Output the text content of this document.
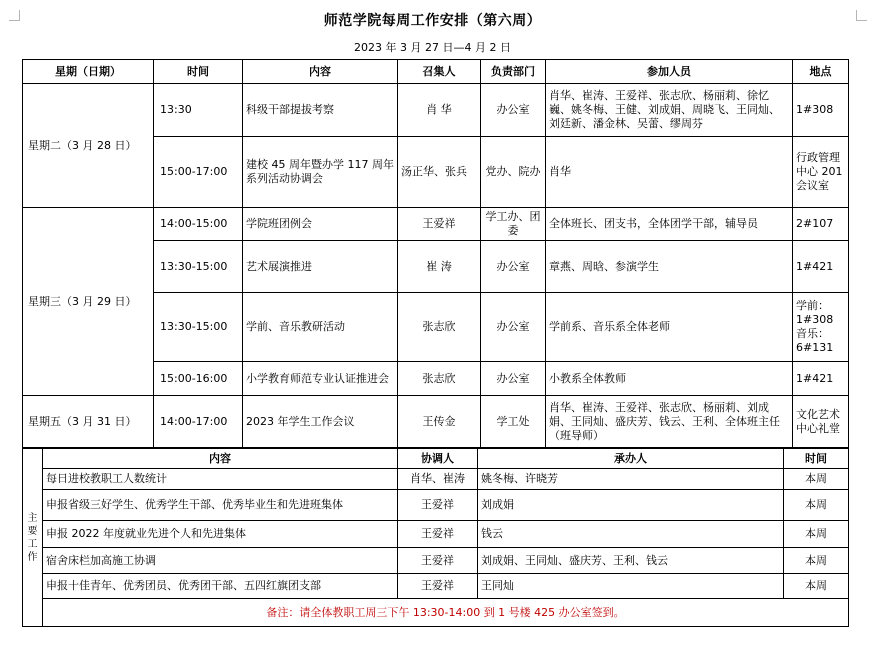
师范学院每周工作安排（第六周）
2023 年 3 月 27 日—4 月 2 日
星期（日期）	时间	内容	召集人	负责部门	参加人员	地点
星期二（3 月 28 日）	13:30	科级干部提拔考察	肖 华	办公室	肖华、崔涛、王爱祥、张志欣、杨丽莉、徐忆巍、姚冬梅、王健、刘成娟、周晓飞、王同灿、刘廷新、潘金林、吴蕾、缪周芬	1#308
	15:00-17:00	建校 45 周年暨办学 117 周年系列活动协调会	汤正华、张兵	党办、院办	肖华	行政管理中心 201 会议室
星期三（3 月 29 日）	14:00-15:00	学院班团例会	王爱祥	学工办、团委	全体班长、团支书，全体团学干部，辅导员	2#107
	13:30-15:00	艺术展演推进	崔 涛	办公室	章燕、周晗、参演学生	1#421
	13:30-15:00	学前、音乐教研活动	张志欣	办公室	学前系、音乐系全体老师	学前：1#308 音乐：6#131
	15:00-16:00	小学教育师范专业认证推进会	张志欣	办公室	小教系全体教师	1#421
星期五（3 月 31 日）	14:00-17:00	2023 年学生工作会议	王传金	学工处	肖华、崔涛、王爱祥、张志欣、杨丽莉、刘成娟、王同灿、盛庆芳、钱云、王利、全体班主任（班导师）	文化艺术中心礼堂
主
要
工
作	内容	协调人	承办人	时间
	每日进校教职工人数统计	肖华、崔涛	姚冬梅、许晓芳	本周
	申报省级三好学生、优秀学生干部、优秀毕业生和先进班集体	王爱祥	刘成娟	本周
	申报 2022 年度就业先进个人和先进集体	王爱祥	钱云	本周
	宿舍床栏加高施工协调	王爱祥	刘成娟、王同灿、盛庆芳、王利、钱云	本周
	申报十佳青年、优秀团员、优秀团干部、五四红旗团支部	王爱祥	王同灿	本周
	备注：请全体教职工周三下午 13:30-14:00 到 1 号楼 425 办公室签到。			
